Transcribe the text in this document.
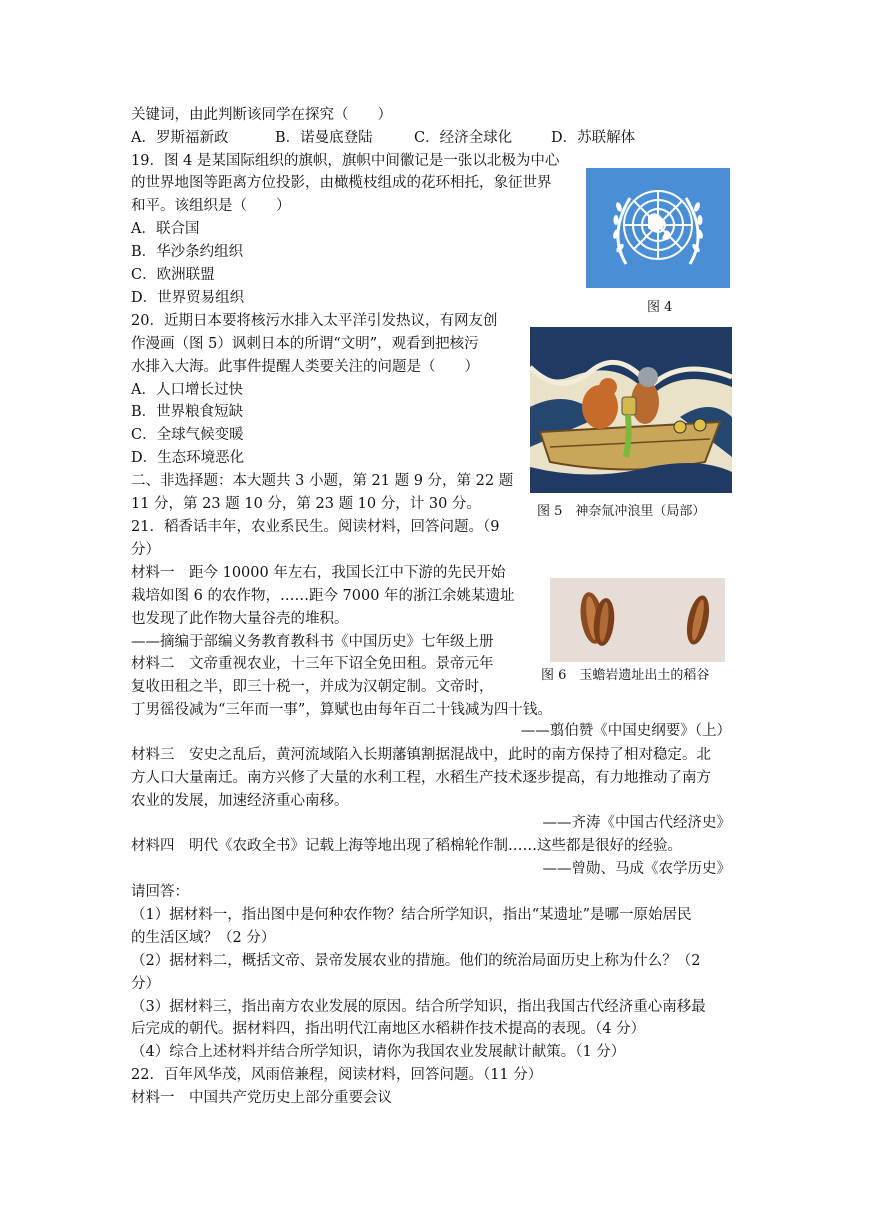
关键词，由此判断该同学在探究（　　）
A．罗斯福新政	B．诺曼底登陆	C．经济全球化	D．苏联解体
19．图 4 是某国际组织的旗帜，旗帜中间徽记是一张以北极为中心
的世界地图等距离方位投影，由橄榄枝组成的花环相托，象征世界
和平。该组织是（　　）
A．联合国
B．华沙条约组织
C．欧洲联盟
D．世界贸易组织
图 4
20．近期日本要将核污水排入太平洋引发热议，有网友创
作漫画（图 5）讽刺日本的所谓“文明”，观看到把核污
水排入大海。此事件提醒人类要关注的问题是（　　）
A．人口增长过快
B．世界粮食短缺
C．全球气候变暖
D．生态环境恶化
图 5　神奈氚冲浪里（局部）
二、非选择题：本大题共 3 小题，第 21 题 9 分，第 22 题
11 分，第 23 题 10 分，第 23 题 10 分，计 30 分。
21．稻香话丰年，农业系民生。阅读材料，回答问题。（9
分）
材料一　距今 10000 年左右，我国长江中下游的先民开始
栽培如图 6 的农作物，……距今 7000 年的浙江余姚某遗址
也发现了此作物大量谷壳的堆积。
——摘编于部编义务教育教科书《中国历史》七年级上册
材料二　文帝重视农业，十三年下诏全免田租。景帝元年
复收田租之半，即三十税一，并成为汉朝定制。文帝时，
丁男徭役减为“三年而一事”，算赋也由每年百二十钱减为四十钱。
——翦伯赞《中国史纲要》（上）
材料三　安史之乱后，黄河流域陷入长期藩镇割据混战中，此时的南方保持了相对稳定。北
方人口大量南迁。南方兴修了大量的水利工程，水稻生产技术逐步提高，有力地推动了南方
农业的发展，加速经济重心南移。
——齐涛《中国古代经济史》
材料四　明代《农政全书》记载上海等地出现了稻棉轮作制……这些都是很好的经验。
——曾勋、马成《农学历史》
图 6　玉蟾岩遗址出土的稻谷
请回答：
（1）据材料一，指出图中是何种农作物？结合所学知识，指出“某遗址”是哪一原始居民
的生活区域？（2 分）
（2）据材料二，概括文帝、景帝发展农业的措施。他们的统治局面历史上称为什么？（2
分）
（3）据材料三，指出南方农业发展的原因。结合所学知识，指出我国古代经济重心南移最
后完成的朝代。据材料四，指出明代江南地区水稻耕作技术提高的表现。（4 分）
（4）综合上述材料并结合所学知识，请你为我国农业发展献计献策。（1 分）
22．百年风华茂，风雨倍兼程，阅读材料，回答问题。（11 分）
材料一　中国共产党历史上部分重要会议
